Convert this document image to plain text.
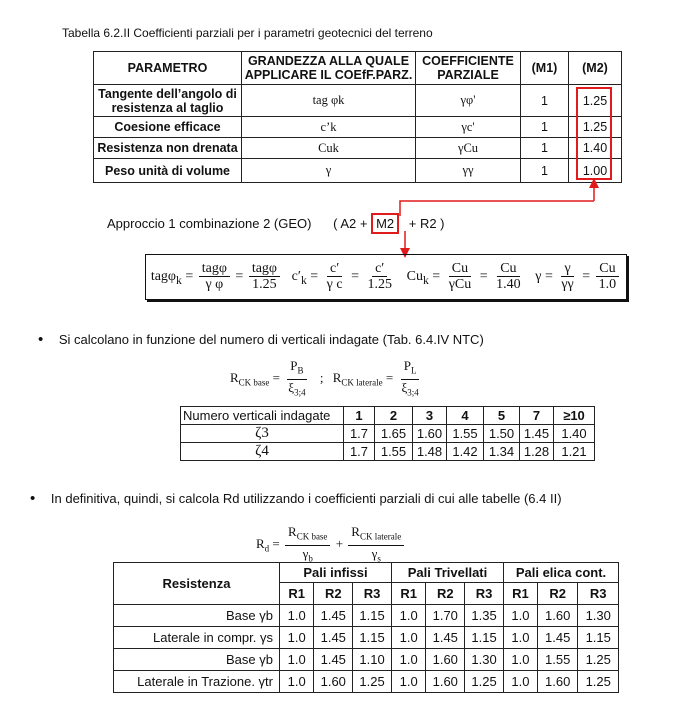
Tabella 6.2.II Coefficienti parziali per i parametri geotecnici del terreno
PARAMETRO	GRANDEZZA ALLA QUALE APPLICARE IL COEfF.PARZ.	COEFFICIENTE PARZIALE	(M1)	(M2)
Tangente dell’angolo di resistenza al taglio	tag φk	γφ'	1	1.25

Coesione efficace	c’k	γc'	1	1.25
Resistenza non drenata	Cuk	γCu	1	1.40
Peso unità di volume	γ	γγ	1	1.00
Approccio 1 combinazione 2 (GEO) ( A2 + M2 + R2 )
$tag\varphi_k = \frac{\text{tagφ}}{\text{γ φ}} = \frac{\text{tagφ}}{1.25} c'_k = \frac{c'}{\text{γ c}} = \frac{c'}{1.25} Cu_k = \frac{Cu}{\text{γCu}} = \frac{Cu}{1.40}$ $\gamma = \frac{\gamma}{\gamma\gamma} = \frac{Cu}{1.0}$
• Si calcolano in funzione del numero di verticali indagate (Tab. 6.4.IV NTC)
$R_{CK base} = \frac{P_B}{\xi_{3;4}}$ ; $R_{CK laterale} = \frac{P_L}{\xi_{3;4}}$
Numero verticali indagate	1	2	3	4	5	7	≥10
ζ3	1.7	1.65	1.60	1.55	1.50	1.45	1.40
ζ4	1.7	1.55	1.48	1.42	1.34	1.28	1.21
• In definitiva, quindi, si calcola Rd utilizzando i coefficienti parziali di cui alle tabelle (6.4 II)
$R_d = \frac{R_{CK base}}{\gamma_b} + \frac{R_{CK laterale}}{\gamma_s}$
Resistenza	Pali infissi			Pali Trivellati			Pali elica cont.		
	R1	R2	R3	R1	R2	R3	R1	R2	R3
Base γb	1.0	1.45	1.15	1.0	1.70	1.35	1.0	1.60	1.30
Laterale in compr. γs	1.0	1.45	1.15	1.0	1.45	1.15	1.0	1.45	1.15
Base γb	1.0	1.45	1.10	1.0	1.60	1.30	1.0	1.55	1.25
Laterale in Trazione. γtr	1.0	1.60	1.25	1.0	1.60	1.25	1.0	1.60	1.25
